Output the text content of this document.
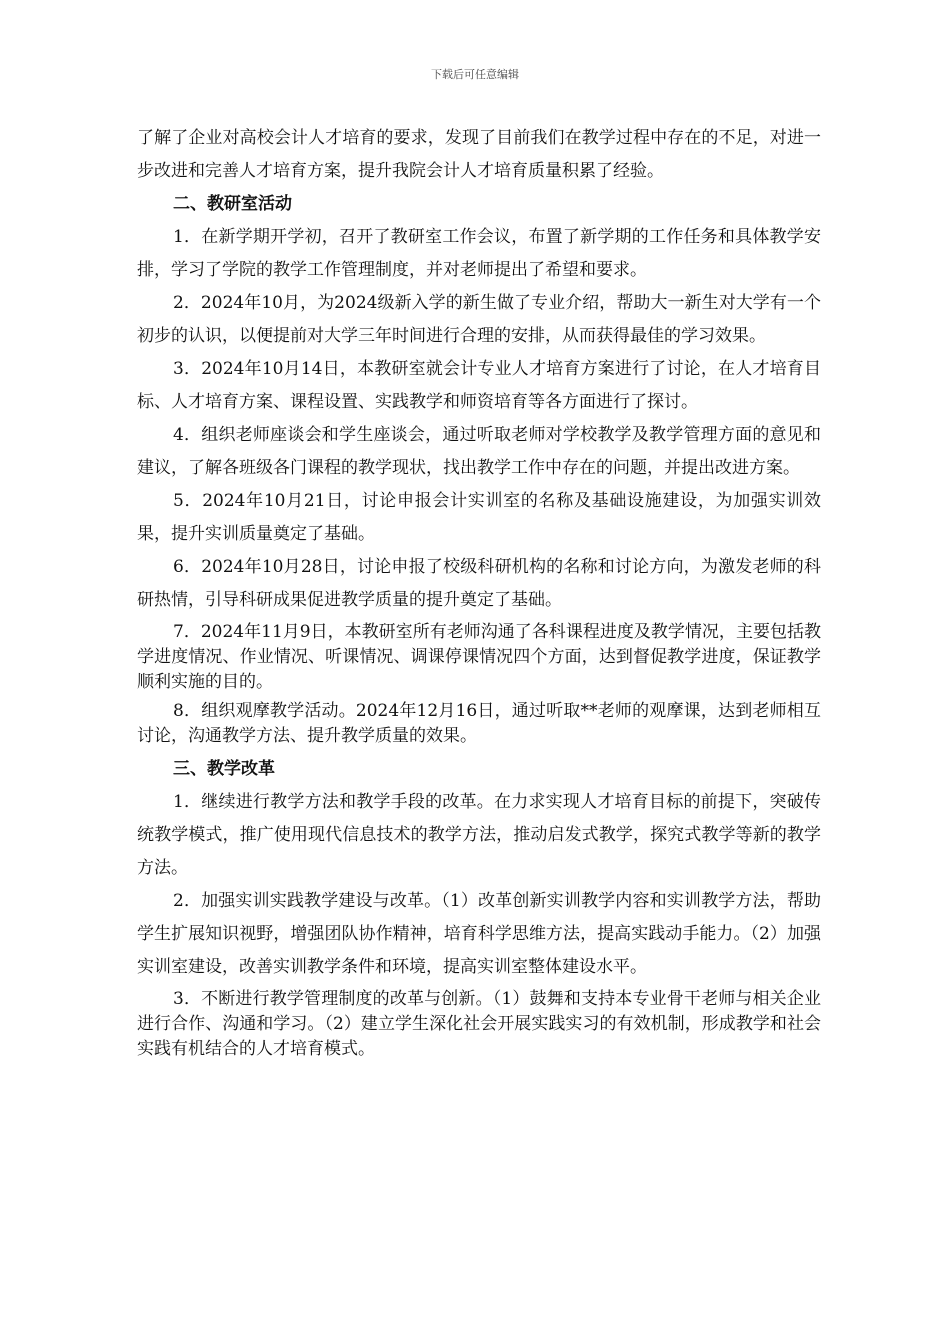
下载后可任意编辑

了解了企业对高校会计人才培育的要求，发现了目前我们在教学过程中存在的不足，对进一步改进和完善人才培育方案，提升我院会计人才培育质量积累了经验。

二、教研室活动

1．在新学期开学初，召开了教研室工作会议，布置了新学期的工作任务和具体教学安排，学习了学院的教学工作管理制度，并对老师提出了希望和要求。

2．2024年10月，为2024级新入学的新生做了专业介绍，帮助大一新生对大学有一个初步的认识，以便提前对大学三年时间进行合理的安排，从而获得最佳的学习效果。

3．2024年10月14日，本教研室就会计专业人才培育方案进行了讨论，在人才培育目标、人才培育方案、课程设置、实践教学和师资培育等各方面进行了探讨。

4．组织老师座谈会和学生座谈会，通过听取老师对学校教学及教学管理方面的意见和建议，了解各班级各门课程的教学现状，找出教学工作中存在的问题，并提出改进方案。

5．2024年10月21日，讨论申报会计实训室的名称及基础设施建设，为加强实训效果，提升实训质量奠定了基础。

6．2024年10月28日，讨论申报了校级科研机构的名称和讨论方向，为激发老师的科研热情，引导科研成果促进教学质量的提升奠定了基础。

7．2024年11月9日，本教研室所有老师沟通了各科课程进度及教学情况，主要包括教学进度情况、作业情况、听课情况、调课停课情况四个方面，达到督促教学进度，保证教学顺利实施的目的。

8．组织观摩教学活动。2024年12月16日，通过听取**老师的观摩课，达到老师相互讨论，沟通教学方法、提升教学质量的效果。

三、教学改革

1．继续进行教学方法和教学手段的改革。在力求实现人才培育目标的前提下，突破传统教学模式，推广使用现代信息技术的教学方法，推动启发式教学，探究式教学等新的教学方法。

2．加强实训实践教学建设与改革。（1）改革创新实训教学内容和实训教学方法，帮助学生扩展知识视野，增强团队协作精神，培育科学思维方法，提高实践动手能力。（2）加强实训室建设，改善实训教学条件和环境，提高实训室整体建设水平。

3．不断进行教学管理制度的改革与创新。（1）鼓舞和支持本专业骨干老师与相关企业进行合作、沟通和学习。（2）建立学生深化社会开展实践实习的有效机制，形成教学和社会实践有机结合的人才培育模式。
